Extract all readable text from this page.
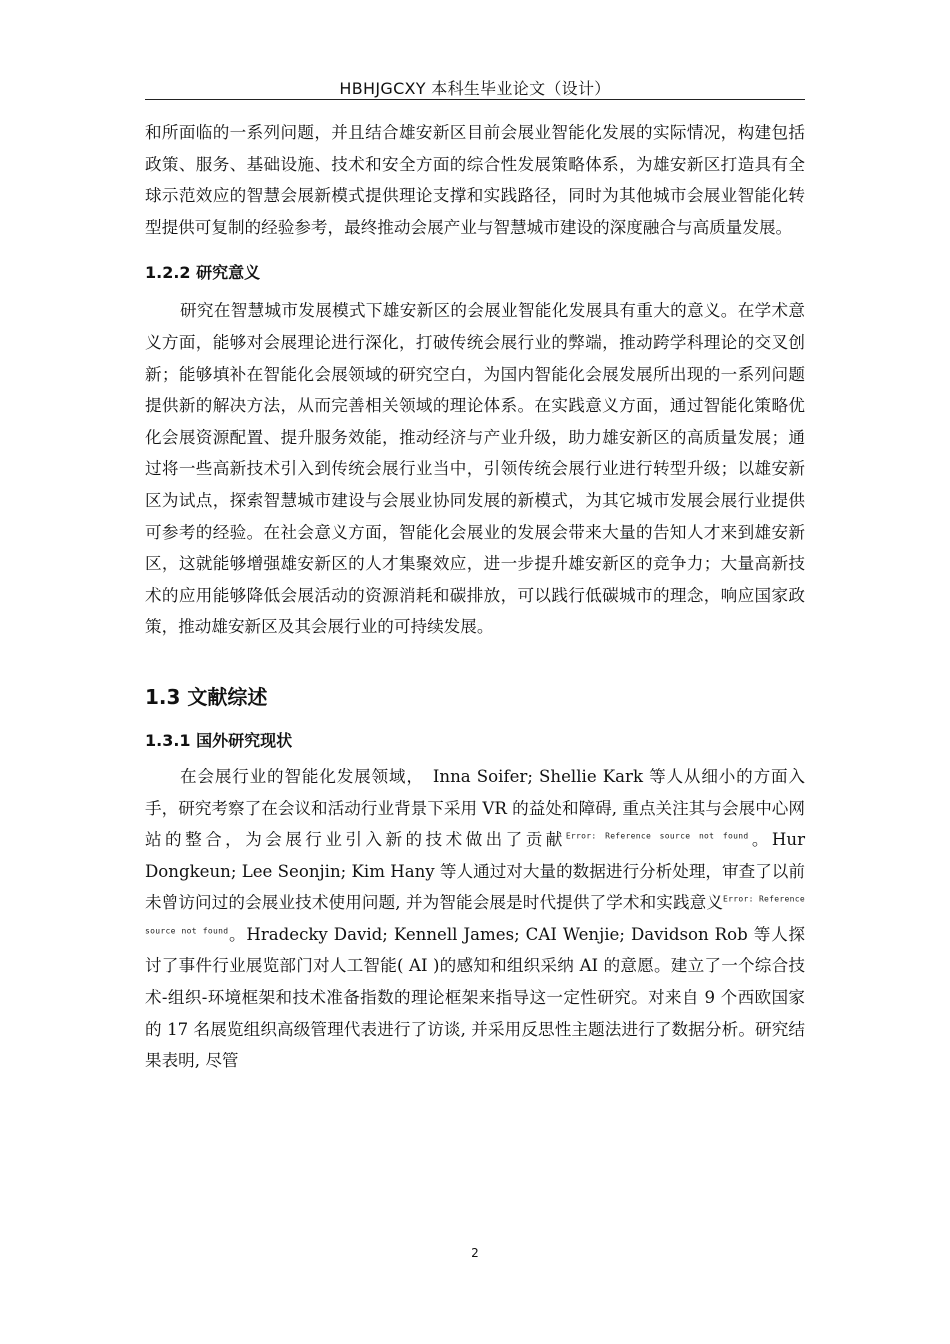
HBHJGCXY 本科生毕业论文（设计）

和所面临的一系列问题，并且结合雄安新区目前会展业智能化发展的实际情况，构建包括政策、服务、基础设施、技术和安全方面的综合性发展策略体系，为雄安新区打造具有全球示范效应的智慧会展新模式提供理论支撑和实践路径，同时为其他城市会展业智能化转型提供可复制的经验参考，最终推动会展产业与智慧城市建设的深度融合与高质量发展。

1.2.2 研究意义

研究在智慧城市发展模式下雄安新区的会展业智能化发展具有重大的意义。在学术意义方面，能够对会展理论进行深化，打破传统会展行业的弊端，推动跨学科理论的交叉创新；能够填补在智能化会展领域的研究空白，为国内智能化会展发展所出现的一系列问题提供新的解决方法，从而完善相关领域的理论体系。在实践意义方面，通过智能化策略优化会展资源配置、提升服务效能，推动经济与产业升级，助力雄安新区的高质量发展；通过将一些高新技术引入到传统会展行业当中，引领传统会展行业进行转型升级；以雄安新区为试点，探索智慧城市建设与会展业协同发展的新模式，为其它城市发展会展行业提供可参考的经验。在社会意义方面，智能化会展业的发展会带来大量的告知人才来到雄安新区，这就能够增强雄安新区的人才集聚效应，进一步提升雄安新区的竞争力；大量高新技术的应用能够降低会展活动的资源消耗和碳排放，可以践行低碳城市的理念，响应国家政策，推动雄安新区及其会展行业的可持续发展。

1.3 文献综述
1.3.1 国外研究现状

在会展行业的智能化发展领域，　Inna Soifer; Shellie Kark 等人从细小的方面入手，研究考察了在会议和活动行业背景下采用 VR 的益处和障碍, 重点关注其与会展中心网站的整合，为会展行业引入新的技术做出了贡献$^{Error: Reference source not found}$。Hur Dongkeun; Lee Seonjin; Kim Hany 等人通过对大量的数据进行分析处理，审查了以前未曾访问过的会展业技术使用问题, 并为智能会展是时代提供了学术和实践意义$^{Error: Reference source not found}$。Hradecky David; Kennell James; CAI Wenjie; Davidson Rob 等人探讨了事件行业展览部门对人工智能( AI )的感知和组织采纳 AI 的意愿。建立了一个综合技术-组织-环境框架和技术准备指数的理论框架来指导这一定性研究。对来自 9 个西欧国家的 17 名展览组织高级管理代表进行了访谈, 并采用反思性主题法进行了数据分析。研究结果表明, 尽管

2
